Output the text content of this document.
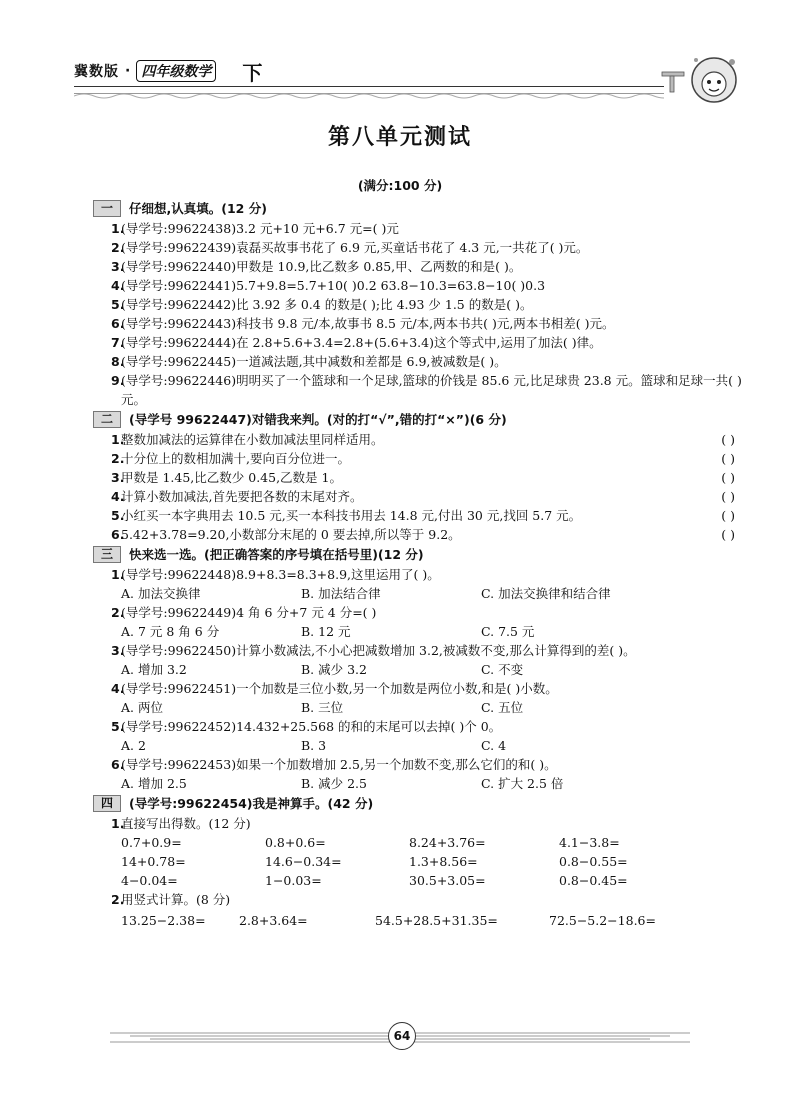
冀数版 · 四年级数学 下
第八单元测试
(满分:100 分)
一	仔细想,认真填。(12 分)
1.
(导学号:99622438)3.2 元+10 元+6.7 元=( )元
2.
(导学号:99622439)袁磊买故事书花了 6.9 元,买童话书花了 4.3 元,一共花了( )元。
3.
(导学号:99622440)甲数是 10.9,比乙数多 0.85,甲、乙两数的和是( )。
4.
(导学号:99622441)5.7+9.8=5.7+10( )0.2 63.8−10.3=63.8−10( )0.3
5.
(导学号:99622442)比 3.92 多 0.4 的数是( );比 4.93 少 1.5 的数是( )。
6.
(导学号:99622443)科技书 9.8 元/本,故事书 8.5 元/本,两本书共( )元,两本书相差( )元。
7.
(导学号:99622444)在 2.8+5.6+3.4=2.8+(5.6+3.4)这个等式中,运用了加法( )律。
8.
(导学号:99622445)一道减法题,其中减数和差都是 6.9,被减数是( )。
9.
(导学号:99622446)明明买了一个篮球和一个足球,篮球的价钱是 85.6 元,比足球贵 23.8 元。篮球和足球一共( )元。
二	(导学号 99622447)对错我来判。(对的打“√”,错的打“×”)(6 分)
1.
整数加减法的运算律在小数加减法里同样适用。	( )
2.
十分位上的数相加满十,要向百分位进一。	( )
3.
甲数是 1.45,比乙数少 0.45,乙数是 1。	( )
4.
计算小数加减法,首先要把各数的末尾对齐。	( )
5.
小红买一本字典用去 10.5 元,买一本科技书用去 14.8 元,付出 30 元,找回 5.7 元。	( )
6.
5.42+3.78=9.20,小数部分末尾的 0 要去掉,所以等于 9.2。	( )
三	快来选一选。(把正确答案的序号填在括号里)(12 分)
1.
(导学号:99622448)8.9+8.3=8.3+8.9,这里运用了( )。
A. 加法交换律	B. 加法结合律	C. 加法交换律和结合律
2.
(导学号:99622449)4 角 6 分+7 元 4 分=( )
A. 7 元 8 角 6 分	B. 12 元	C. 7.5 元
3.
(导学号:99622450)计算小数减法,不小心把减数增加 3.2,被减数不变,那么计算得到的差( )。
A. 增加 3.2	B. 减少 3.2	C. 不变
4.
(导学号:99622451)一个加数是三位小数,另一个加数是两位小数,和是( )小数。
A. 两位	B. 三位	C. 五位
5.
(导学号:99622452)14.432+25.568 的和的末尾可以去掉( )个 0。
A. 2	B. 3	C. 4
6.
(导学号:99622453)如果一个加数增加 2.5,另一个加数不变,那么它们的和( )。
A. 增加 2.5	B. 减少 2.5	C. 扩大 2.5 倍
四	(导学号:99622454)我是神算手。(42 分)
1.
直接写出得数。(12 分)
0.7+0.9=	0.8+0.6=	8.24+3.76=	4.1−3.8=
14+0.78=	14.6−0.34=	1.3+8.56=	0.8−0.55=
4−0.04=	1−0.03=	30.5+3.05=	0.8−0.45=
2.
用竖式计算。(8 分)
13.25−2.38=	2.8+3.64=	54.5+28.5+31.35=	72.5−5.2−18.6=
64
